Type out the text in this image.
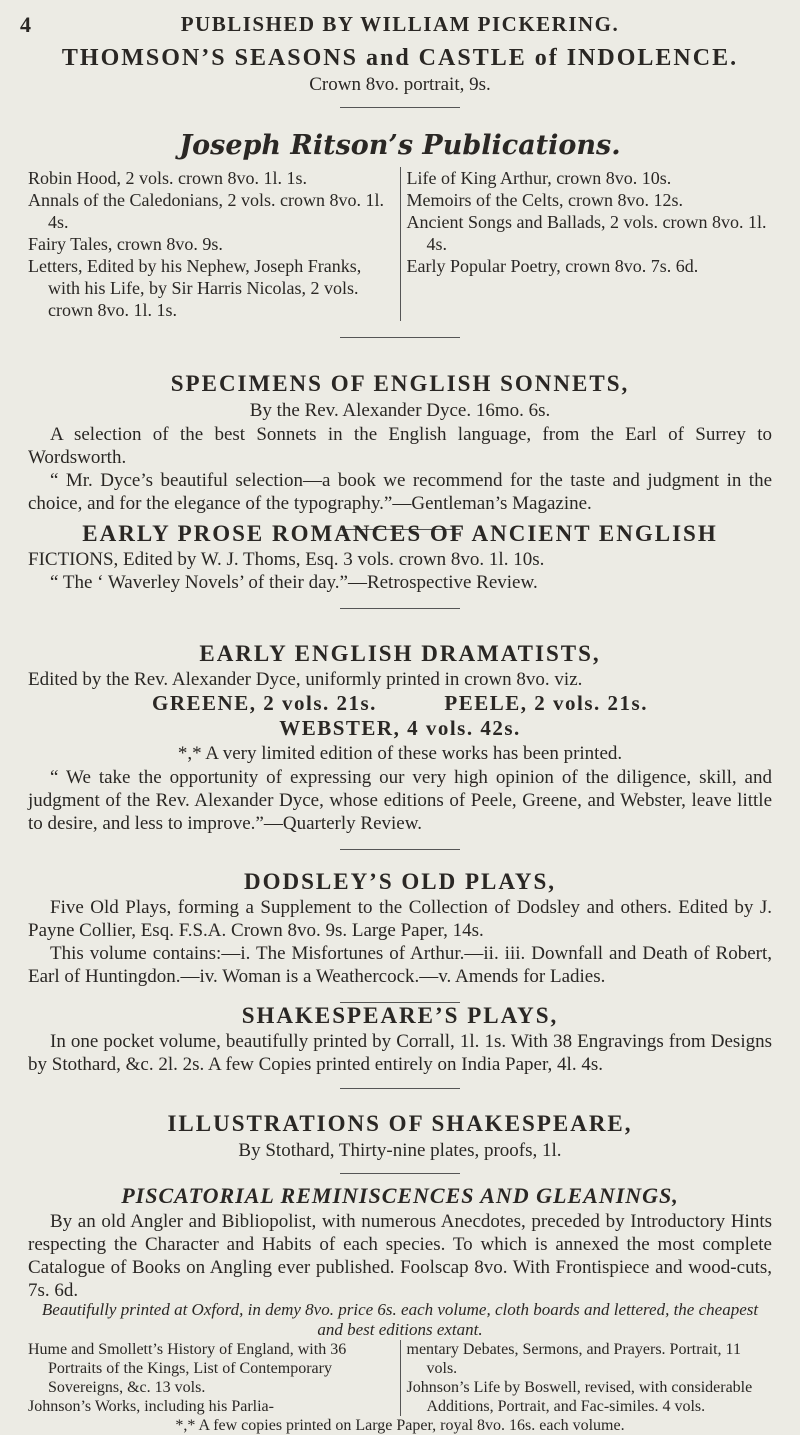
4	PUBLISHED BY WILLIAM PICKERING.

THOMSON’S SEASONS and CASTLE of INDOLENCE.

Crown 8vo. portrait, 9s.

Joseph Ritson’s Publications.

Robin Hood, 2 vols. crown 8vo. 1l. 1s.

Annals of the Caledonians, 2 vols. crown 8vo. 1l. 4s.

Fairy Tales, crown 8vo. 9s.

Letters, Edited by his Nephew, Joseph Franks, with his Life, by Sir Harris Nicolas, 2 vols. crown 8vo. 1l. 1s.

Life of King Arthur, crown 8vo. 10s.

Memoirs of the Celts, crown 8vo. 12s.

Ancient Songs and Ballads, 2 vols. crown 8vo. 1l. 4s.

Early Popular Poetry, crown 8vo. 7s. 6d.

SPECIMENS OF ENGLISH SONNETS,

By the Rev. Alexander Dyce. 16mo. 6s.

A selection of the best Sonnets in the English language, from the Earl of Surrey to Wordsworth.

“ Mr. Dyce’s beautiful selection—a book we recommend for the taste and judgment in the choice, and for the elegance of the typography.”—Gentleman’s Magazine.

EARLY PROSE ROMANCES OF ANCIENT ENGLISH

FICTIONS, Edited by W. J. Thoms, Esq. 3 vols. crown 8vo. 1l. 10s.

“ The ‘ Waverley Novels’ of their day.”—Retrospective Review.

EARLY ENGLISH DRAMATISTS,

Edited by the Rev. Alexander Dyce, uniformly printed in crown 8vo. viz.

GREENE, 2 vols. 21s.          PEELE, 2 vols. 21s.

WEBSTER, 4 vols. 42s.

*,* A very limited edition of these works has been printed.

“ We take the opportunity of expressing our very high opinion of the diligence, skill, and judgment of the Rev. Alexander Dyce, whose editions of Peele, Greene, and Webster, leave little to desire, and less to improve.”—Quarterly Review.

DODSLEY’S OLD PLAYS,

Five Old Plays, forming a Supplement to the Collection of Dodsley and others. Edited by J. Payne Collier, Esq. F.S.A. Crown 8vo. 9s. Large Paper, 14s.

This volume contains:—i. The Misfortunes of Arthur.—ii. iii. Downfall and Death of Robert, Earl of Huntingdon.—iv. Woman is a Weathercock.—v. Amends for Ladies.

SHAKESPEARE’S PLAYS,

In one pocket volume, beautifully printed by Corrall, 1l. 1s. With 38 Engravings from Designs by Stothard, &c. 2l. 2s. A few Copies printed entirely on India Paper, 4l. 4s.

ILLUSTRATIONS OF SHAKESPEARE,

By Stothard, Thirty-nine plates, proofs, 1l.

PISCATORIAL REMINISCENCES AND GLEANINGS,

By an old Angler and Bibliopolist, with numerous Anecdotes, preceded by Introductory Hints respecting the Character and Habits of each species. To which is annexed the most complete Catalogue of Books on Angling ever published. Foolscap 8vo. With Frontispiece and wood-cuts, 7s. 6d.

Beautifully printed at Oxford, in demy 8vo. price 6s. each volume, cloth boards and lettered, the cheapest and best editions extant.

Hume and Smollett’s History of England, with 36 Portraits of the Kings, List of Contemporary Sovereigns, &c. 13 vols.

Johnson’s Works, including his Parlia-

mentary Debates, Sermons, and Prayers. Portrait, 11 vols.

Johnson’s Life by Boswell, revised, with considerable Additions, Portrait, and Fac-similes. 4 vols.

*,* A few copies printed on Large Paper, royal 8vo. 16s. each volume.
